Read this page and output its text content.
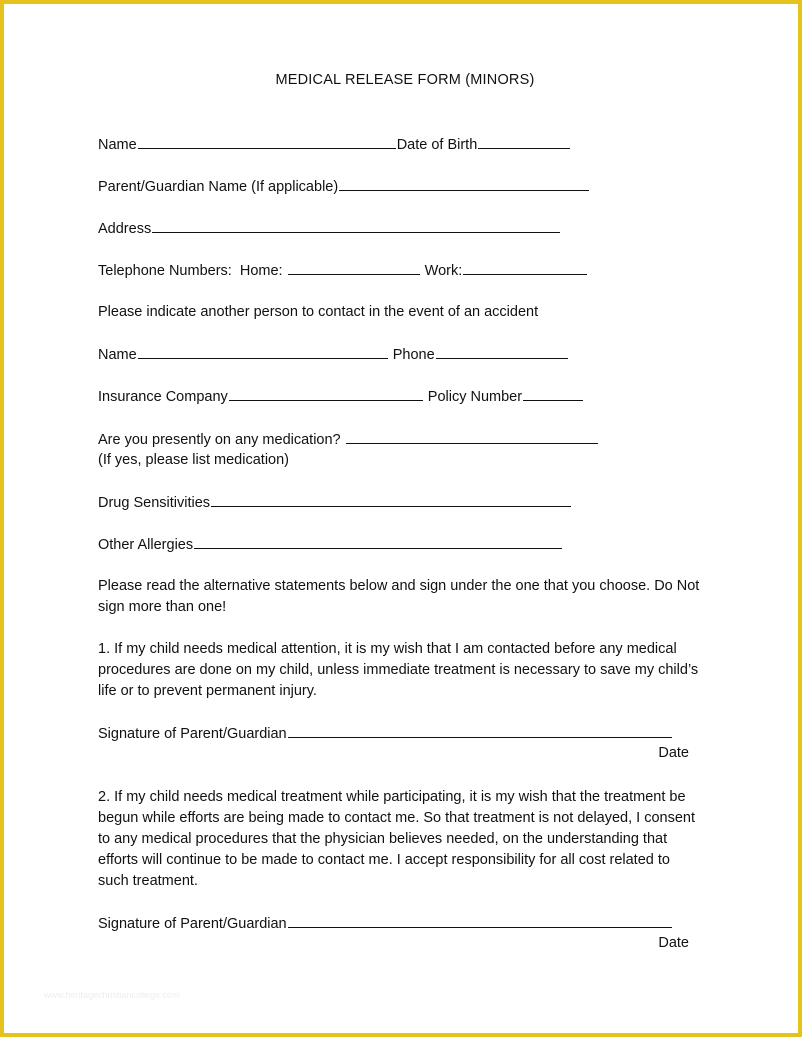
MEDICAL RELEASE FORM (MINORS)
Name	Date of Birth
Parent/Guardian Name (If applicable)
Address
Telephone Numbers:  Home:	Work:
Please indicate another person to contact in the event of an accident
Name	Phone
Insurance Company	Policy Number
Are you presently on any medication?
(If yes, please list medication)
Drug Sensitivities
Other Allergies
Please read the alternative statements below and sign under the one that you choose. Do Not sign more than one!
1. If my child needs medical attention, it is my wish that I am contacted before any medical procedures are done on my child, unless immediate treatment is necessary to save my child’s life or to prevent permanent injury.
Signature of Parent/Guardian
Date
2. If my child needs medical treatment while participating, it is my wish that the treatment be begun while efforts are being made to contact me. So that treatment is not delayed, I consent to any medical procedures that the physician believes needed, on the understanding that efforts will continue to be made to contact me. I accept responsibility for all cost related to such treatment.
Signature of Parent/Guardian
Date
www.heritagechristiancollege.com
